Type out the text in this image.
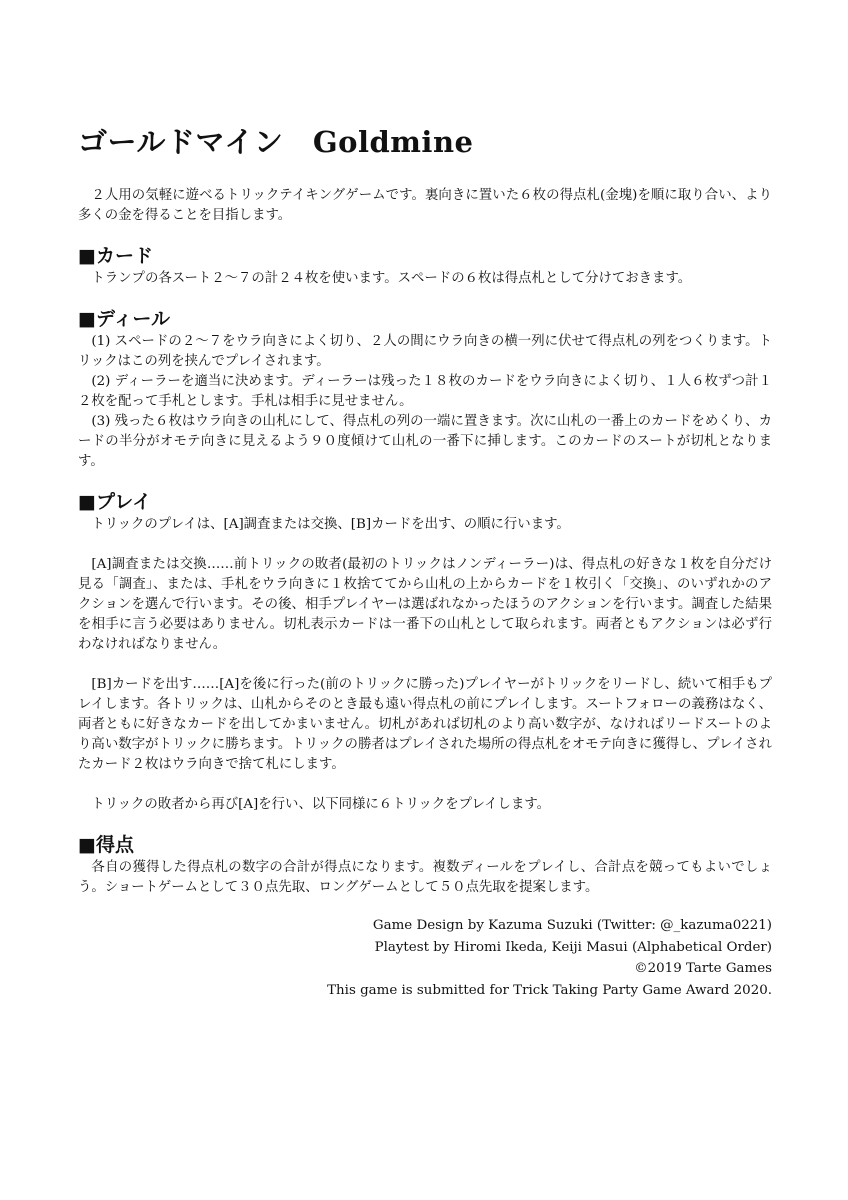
ゴールドマイン　Goldmine

２人用の気軽に遊べるトリックテイキングゲームです。裏向きに置いた６枚の得点札(金塊)を順に取り合い、より多くの金を得ることを目指します。

■カード

トランプの各スート２〜７の計２４枚を使います。スペードの６枚は得点札として分けておきます。

■ディール

(1) スペードの２〜７をウラ向きによく切り、２人の間にウラ向きの横一列に伏せて得点札の列をつくります。トリックはこの列を挟んでプレイされます。

(2) ディーラーを適当に決めます。ディーラーは残った１８枚のカードをウラ向きによく切り、１人６枚ずつ計１２枚を配って手札とします。手札は相手に見せません。

(3) 残った６枚はウラ向きの山札にして、得点札の列の一端に置きます。次に山札の一番上のカードをめくり、カードの半分がオモテ向きに見えるよう９０度傾けて山札の一番下に挿します。このカードのスートが切札となります。

■プレイ

トリックのプレイは、[A]調査または交換、[B]カードを出す、の順に行います。

[A]調査または交換……前トリックの敗者(最初のトリックはノンディーラー)は、得点札の好きな１枚を自分だけ見る「調査」、または、手札をウラ向きに１枚捨ててから山札の上からカードを１枚引く「交換」、のいずれかのアクションを選んで行います。その後、相手プレイヤーは選ばれなかったほうのアクションを行います。調査した結果を相手に言う必要はありません。切札表示カードは一番下の山札として取られます。両者ともアクションは必ず行わなければなりません。

[B]カードを出す……[A]を後に行った(前のトリックに勝った)プレイヤーがトリックをリードし、続いて相手もプレイします。各トリックは、山札からそのとき最も遠い得点札の前にプレイします。スートフォローの義務はなく、両者ともに好きなカードを出してかまいません。切札があれば切札のより高い数字が、なければリードスートのより高い数字がトリックに勝ちます。トリックの勝者はプレイされた場所の得点札をオモテ向きに獲得し、プレイされたカード２枚はウラ向きで捨て札にします。

トリックの敗者から再び[A]を行い、以下同様に６トリックをプレイします。

■得点

各自の獲得した得点札の数字の合計が得点になります。複数ディールをプレイし、合計点を競ってもよいでしょう。ショートゲームとして３０点先取、ロングゲームとして５０点先取を提案します。

Game Design by Kazuma Suzuki (Twitter: @_kazuma0221)
Playtest by Hiromi Ikeda, Keiji Masui (Alphabetical Order)
©2019 Tarte Games
This game is submitted for Trick Taking Party Game Award 2020.
